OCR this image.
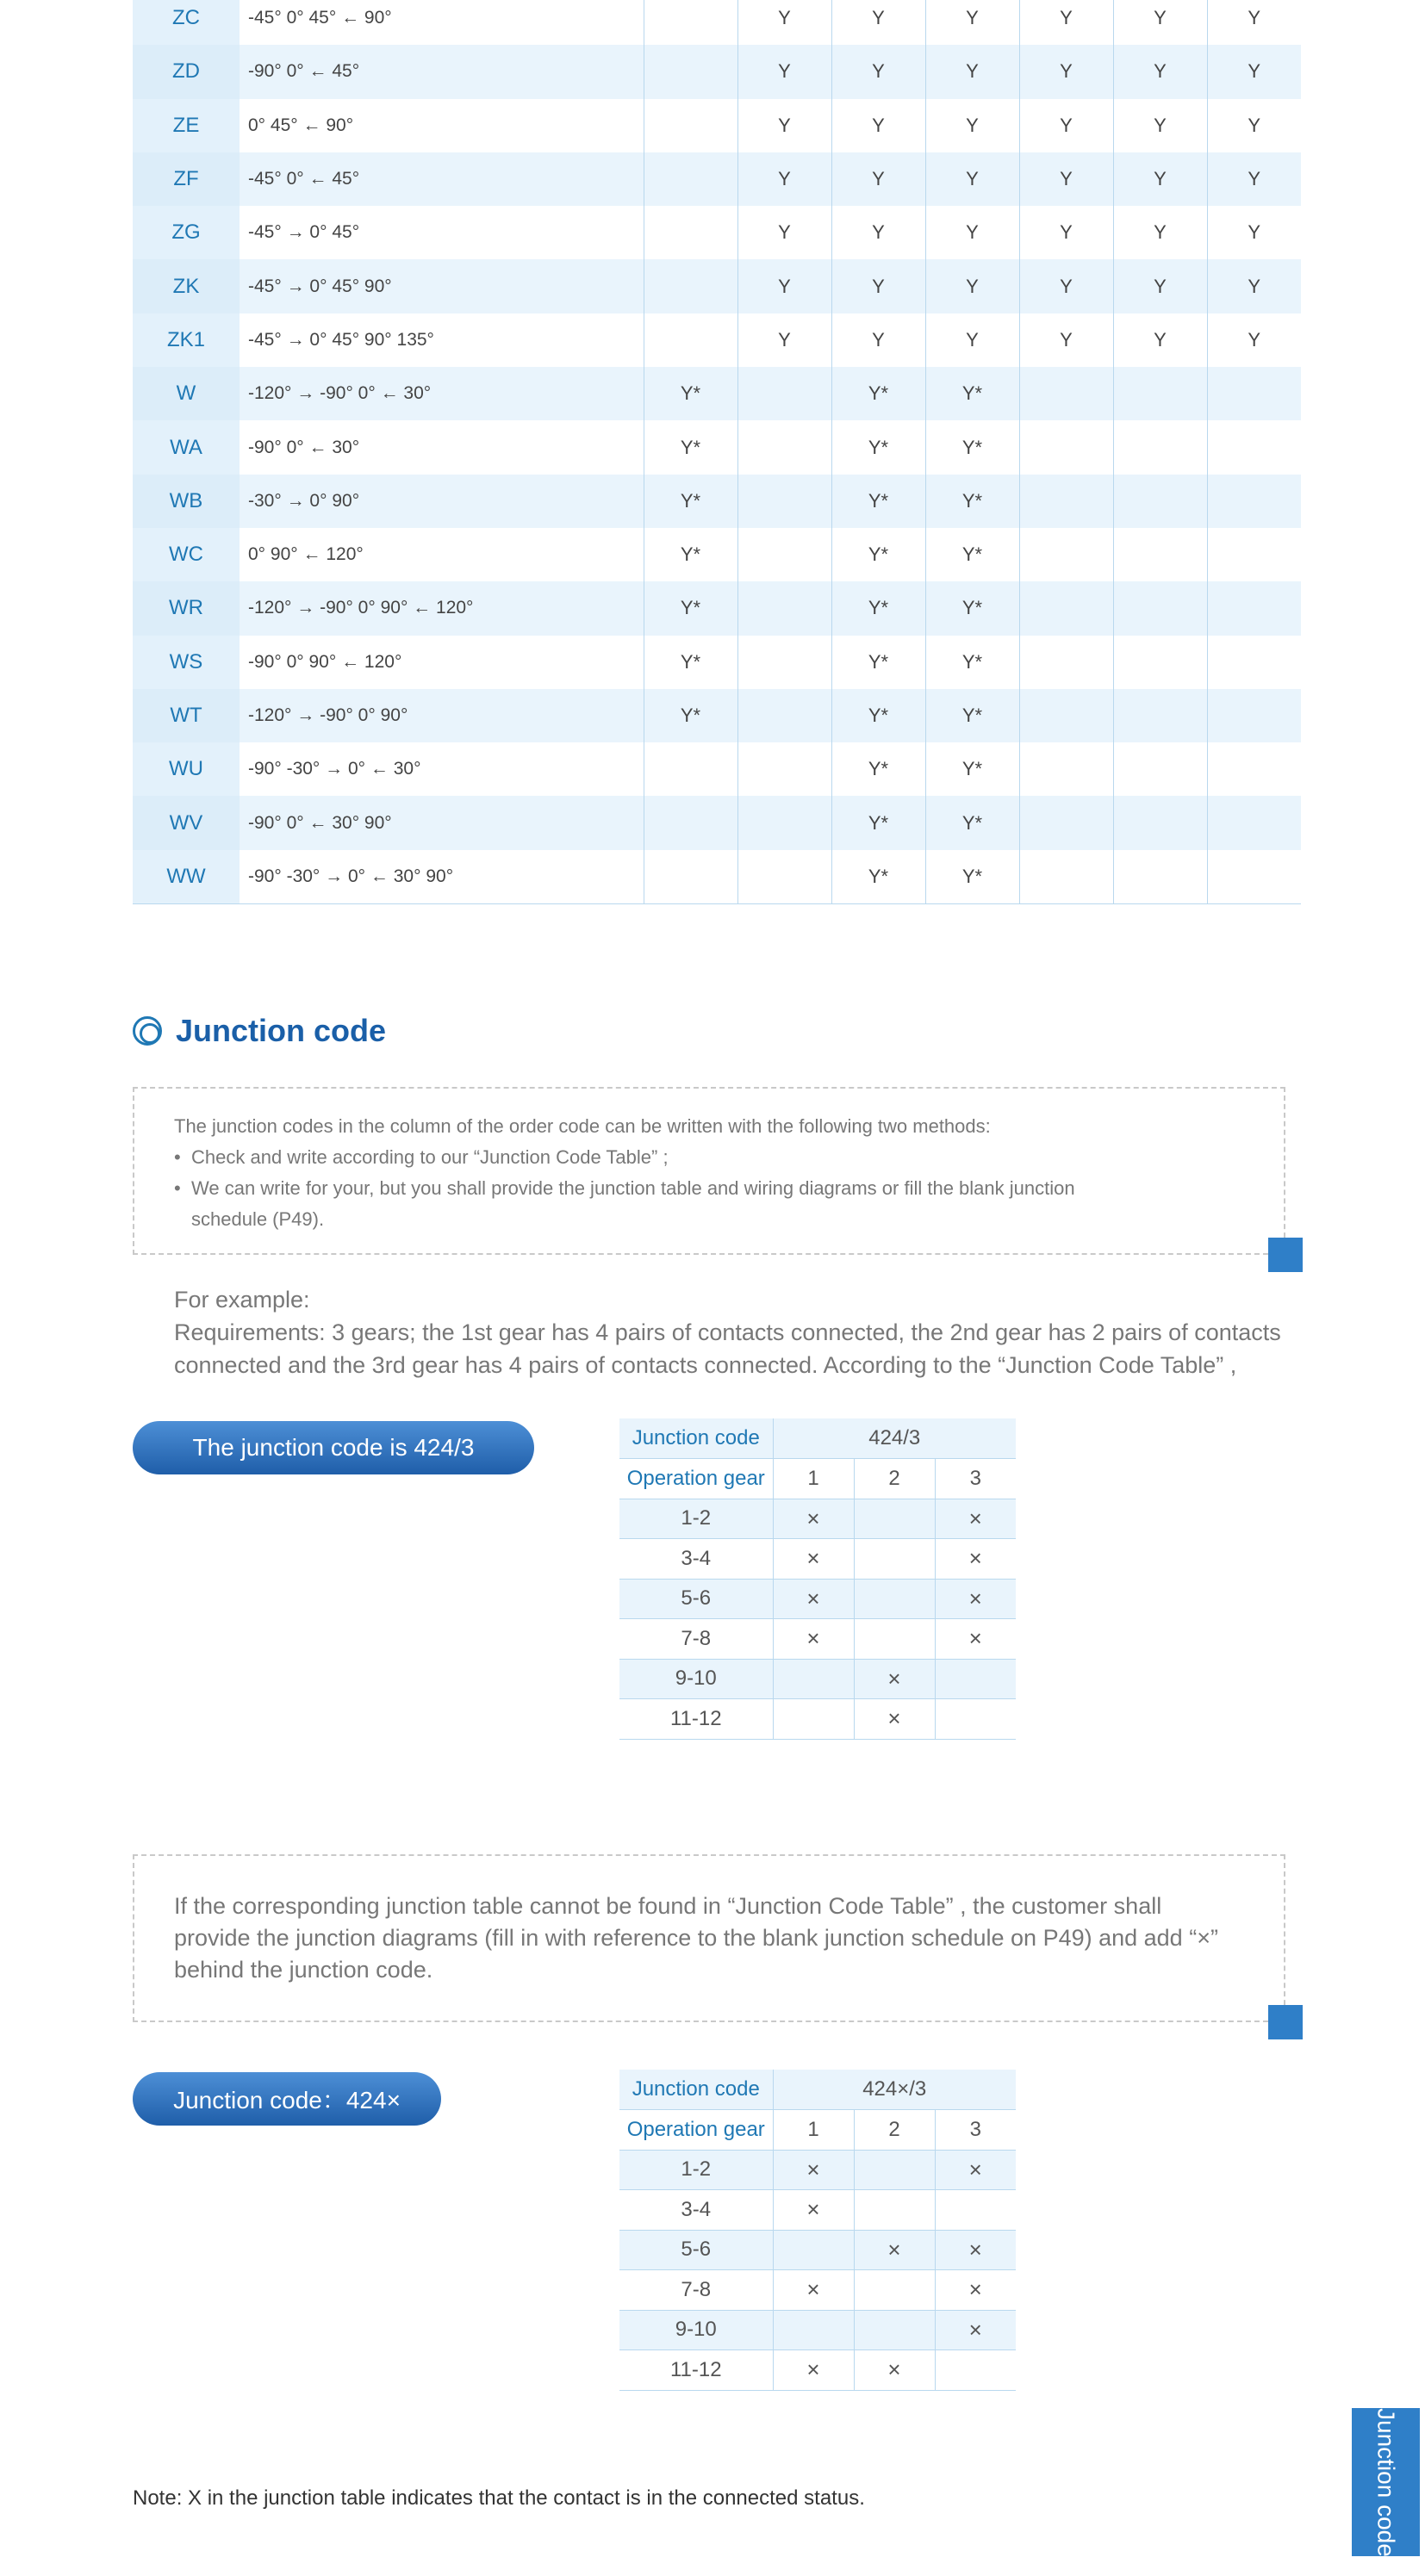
ZC	-45° 0° 45° ← 90°		Y	Y	Y	Y	Y	Y
ZD	-90° 0° ← 45°		Y	Y	Y	Y	Y	Y
ZE	0° 45° ← 90°		Y	Y	Y	Y	Y	Y
ZF	-45° 0° ← 45°		Y	Y	Y	Y	Y	Y
ZG	-45° → 0° 45°		Y	Y	Y	Y	Y	Y
ZK	-45° → 0° 45° 90°		Y	Y	Y	Y	Y	Y
ZK1	-45° → 0° 45° 90° 135°		Y	Y	Y	Y	Y	Y
W	-120° → -90° 0° ← 30°	Y*		Y*	Y*			
WA	-90° 0° ← 30°	Y*		Y*	Y*			
WB	-30° → 0° 90°	Y*		Y*	Y*			
WC	0° 90° ← 120°	Y*		Y*	Y*			
WR	-120° → -90° 0° 90° ← 120°	Y*		Y*	Y*			
WS	-90° 0° 90° ← 120°	Y*		Y*	Y*			
WT	-120° → -90° 0° 90°	Y*		Y*	Y*			
WU	-90° -30° → 0° ← 30°			Y*	Y*			
WV	-90° 0° ← 30° 90°			Y*	Y*			
WW	-90° -30° → 0° ← 30° 90°			Y*	Y*			
Junction code
The junction codes in the column of the order code can be written with the following two methods:
• Check and write according to our “Junction Code Table” ;
• We can write for your, but you shall provide the junction table and wiring diagrams or fill the blank junction
schedule (P49).
For example:
Requirements: 3 gears; the 1st gear has 4 pairs of contacts connected, the 2nd gear has 2 pairs of contacts
connected and the 3rd gear has 4 pairs of contacts connected. According to the “Junction Code Table” ,
The junction code is 424/3	Junction code	424/3		
Operation gear	1	2	3
1-2	×		×
3-4	×		×
5-6	×		×
7-8	×		×
9-10		×	
11-12		×	
If the corresponding junction table cannot be found in “Junction Code Table” , the customer shall
provide the junction diagrams (fill in with reference to the blank junction schedule on P49) and add “×”
behind the junction code.
Junction code：424×	Junction code	424×/3		
Operation gear	1	2	3
1-2	×		×
3-4	×		
5-6		×	×
7-8	×		×
9-10			×
11-12	×	×	
Note: X in the junction table indicates that the contact is in the connected status.	Junction code
